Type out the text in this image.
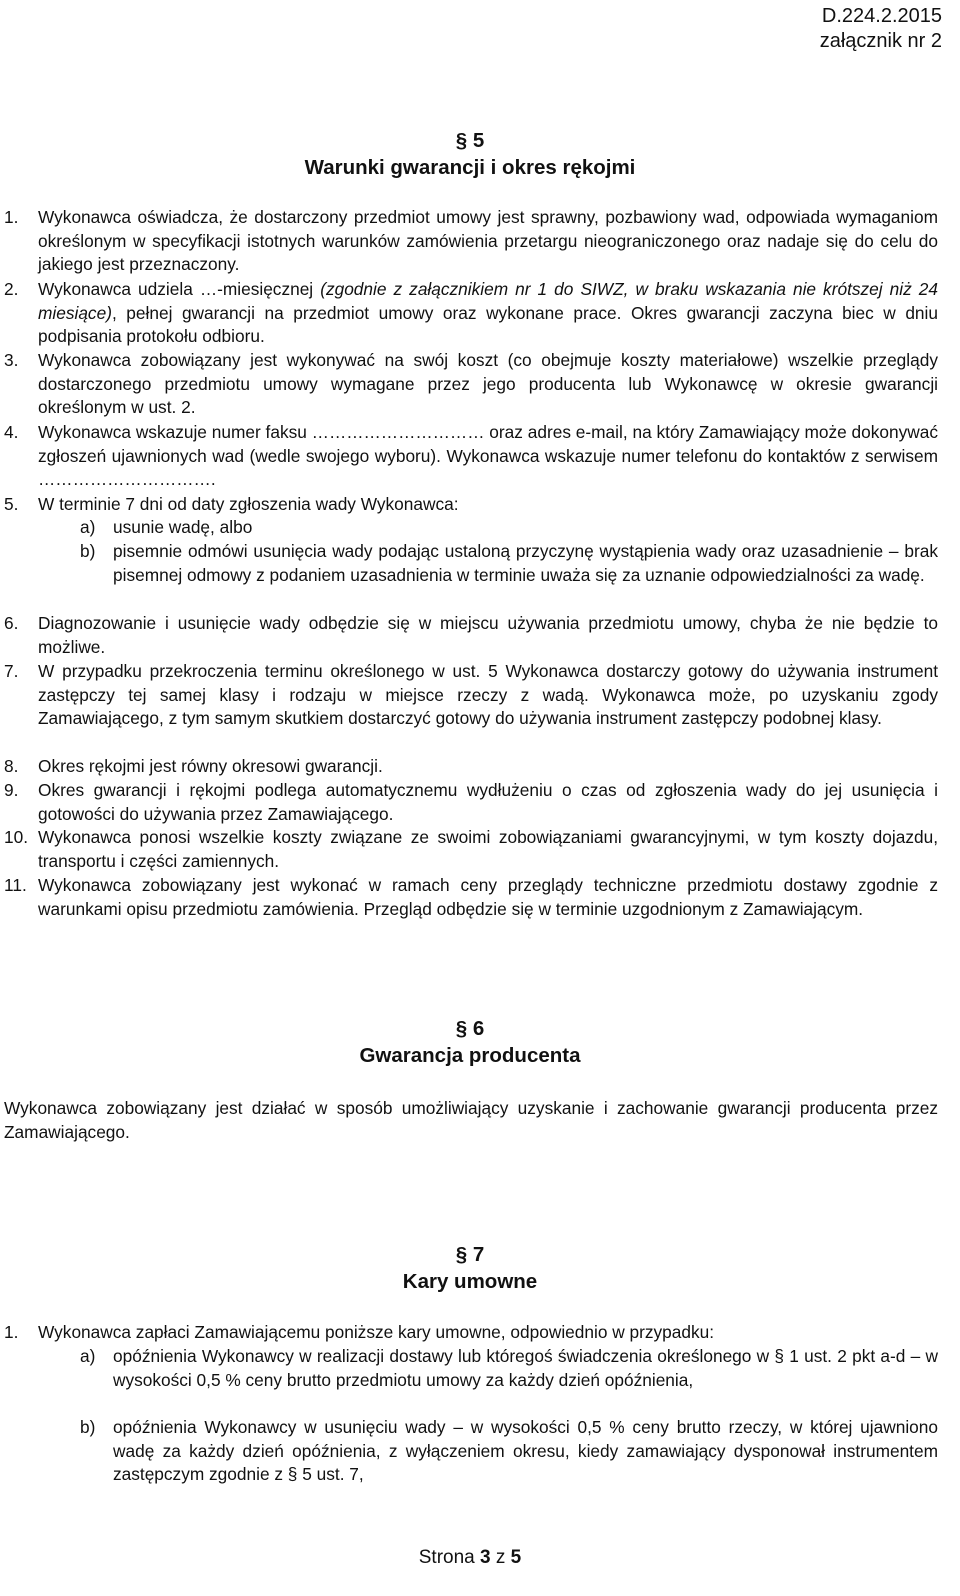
D.224.2.2015
załącznik nr 2
§ 5
Warunki gwarancji i okres rękojmi
1. Wykonawca oświadcza, że dostarczony przedmiot umowy jest sprawny, pozbawiony wad, odpowiada wymaganiom określonym w specyfikacji istotnych warunków zamówienia przetargu nieograniczonego oraz nadaje się do celu do jakiego jest przeznaczony.
2. Wykonawca udziela …-miesięcznej (zgodnie z załącznikiem nr 1 do SIWZ, w braku wskazania nie krótszej niż 24 miesiące), pełnej gwarancji na przedmiot umowy oraz wykonane prace. Okres gwarancji zaczyna biec w dniu podpisania protokołu odbioru.
3. Wykonawca zobowiązany jest wykonywać na swój koszt (co obejmuje koszty materiałowe) wszelkie przeglądy dostarczonego przedmiotu umowy wymagane przez jego producenta lub Wykonawcę w okresie gwarancji określonym w ust. 2.
4. Wykonawca wskazuje numer faksu ………………………… oraz adres e-mail, na który Zamawiający może dokonywać zgłoszeń ujawnionych wad (wedle swojego wyboru). Wykonawca wskazuje numer telefonu do kontaktów z serwisem ………………………….
5. W terminie 7 dni od daty zgłoszenia wady Wykonawca:
a) usunie wadę, albo
b) pisemnie odmówi usunięcia wady podając ustaloną przyczynę wystąpienia wady oraz uzasadnienie – brak pisemnej odmowy z podaniem uzasadnienia w terminie uważa się za uznanie odpowiedzialności za wadę.
6. Diagnozowanie i usunięcie wady odbędzie się w miejscu używania przedmiotu umowy, chyba że nie będzie to możliwe.
7. W przypadku przekroczenia terminu określonego w ust. 5 Wykonawca dostarczy gotowy do używania instrument zastępczy tej samej klasy i rodzaju w miejsce rzeczy z wadą. Wykonawca może, po uzyskaniu zgody Zamawiającego, z tym samym skutkiem dostarczyć gotowy do używania instrument zastępczy podobnej klasy.
8. Okres rękojmi jest równy okresowi gwarancji.
9. Okres gwarancji i rękojmi podlega automatycznemu wydłużeniu o czas od zgłoszenia wady do jej usunięcia i gotowości do używania przez Zamawiającego.
10. Wykonawca ponosi wszelkie koszty związane ze swoimi zobowiązaniami gwarancyjnymi, w tym koszty dojazdu, transportu i części zamiennych.
11. Wykonawca zobowiązany jest wykonać w ramach ceny przeglądy techniczne przedmiotu dostawy zgodnie z warunkami opisu przedmiotu zamówienia. Przegląd odbędzie się w terminie uzgodnionym z Zamawiającym.
§ 6
Gwarancja producenta
Wykonawca zobowiązany jest działać w sposób umożliwiający uzyskanie i zachowanie gwarancji producenta przez Zamawiającego.
§ 7
Kary umowne
1. Wykonawca zapłaci Zamawiającemu poniższe kary umowne, odpowiednio w przypadku:
a) opóźnienia Wykonawcy w realizacji dostawy lub któregoś świadczenia określonego w § 1 ust. 2 pkt a-d – w wysokości 0,5 % ceny brutto przedmiotu umowy za każdy dzień opóźnienia,
b) opóźnienia Wykonawcy w usunięciu wady – w wysokości 0,5 % ceny brutto rzeczy, w której ujawniono wadę za każdy dzień opóźnienia, z wyłączeniem okresu, kiedy zamawiający dysponował instrumentem zastępczym zgodnie z § 5 ust. 7,
Strona 3 z 5
